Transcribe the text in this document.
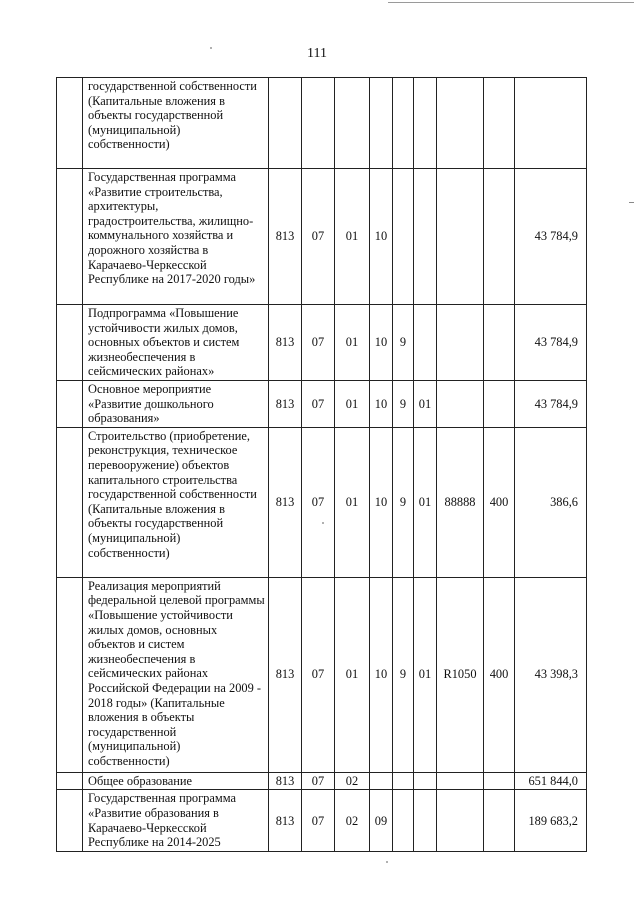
111
	государственной собственности (Капитальные вложения в объекты государственной (муниципальной) собственности)									
	Государственная программа «Развитие строительства, архитектуры, градостроительства, жилищно-коммунального хозяйства и дорожного хозяйства в Карачаево-Черкесской Республике на 2017-2020 годы»	813	07	01	10					43 784,9
	Подпрограмма «Повышение устойчивости жилых домов, основных объектов и систем жизнеобеспечения в сейсмических районах»	813	07	01	10	9				43 784,9
	Основное мероприятие «Развитие дошкольного образования»	813	07	01	10	9	01			43 784,9
	Строительство (приобретение, реконструкция, техническое перевооружение) объектов капитального строительства государственной собственности (Капитальные вложения в объекты государственной (муниципальной) собственности)	813	07	01	10	9	01	88888	400	386,6
	Реализация мероприятий федеральной целевой программы «Повышение устойчивости жилых домов, основных объектов и систем жизнеобеспечения в сейсмических районах Российской Федерации на 2009 - 2018 годы» (Капитальные вложения в объекты государственной (муниципальной) собственности)	813	07	01	10	9	01	R1050	400	43 398,3
	Общее образование	813	07	02						651 844,0
	Государственная программа «Развитие образования в Карачаево-Черкесской Республике на 2014-2025	813	07	02	09					189 683,2
